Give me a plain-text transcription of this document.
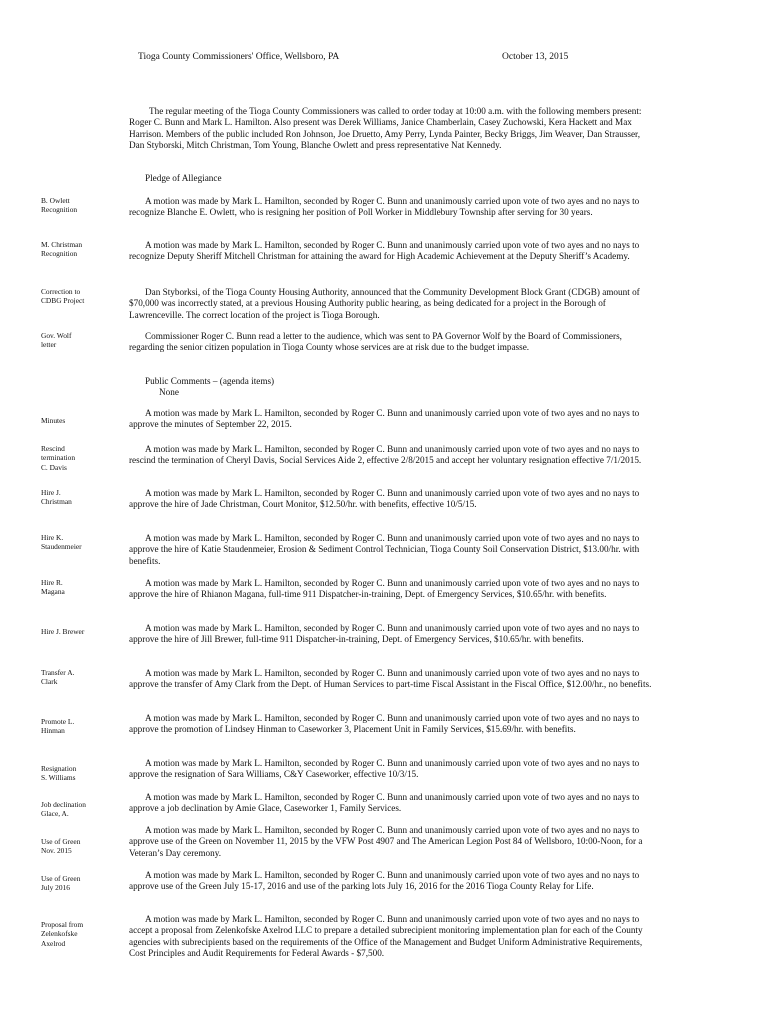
Tioga County Commissioners' Office, Wellsboro, PA	October 13, 2015
The regular meeting of the Tioga County Commissioners was called to order today at 10:00 a.m. with the following members present: Roger C. Bunn and Mark L. Hamilton. Also present was Derek Williams, Janice Chamberlain, Casey Zuchowski, Kera Hackett and Max Harrison. Members of the public included Ron Johnson, Joe Druetto, Amy Perry, Lynda Painter, Becky Briggs, Jim Weaver, Dan Strausser, Dan Styborski, Mitch Christman, Tom Young, Blanche Owlett and press representative Nat Kennedy.
Pledge of Allegiance
Public Comments – (agenda items)
None
B. Owlett
Recognition
A motion was made by Mark L. Hamilton, seconded by Roger C. Bunn and unanimously carried upon vote of two ayes and no nays to recognize Blanche E. Owlett, who is resigning her position of Poll Worker in Middlebury Township after serving for 30 years.
M. Christman
Recognition
A motion was made by Mark L. Hamilton, seconded by Roger C. Bunn and unanimously carried upon vote of two ayes and no nays to recognize Deputy Sheriff Mitchell Christman for attaining the award for High Academic Achievement at the Deputy Sheriff’s Academy.
Correction to
CDBG Project
Dan Styborksi, of the Tioga County Housing Authority, announced that the Community Development Block Grant (CDGB) amount of $70,000 was incorrectly stated, at a previous Housing Authority public hearing, as being dedicated for a project in the Borough of Lawrenceville. The correct location of the project is Tioga Borough.
Gov. Wolf
letter
Commissioner Roger C. Bunn read a letter to the audience, which was sent to PA Governor Wolf by the Board of Commissioners, regarding the senior citizen population in Tioga County whose services are at risk due to the budget impasse.
Minutes
A motion was made by Mark L. Hamilton, seconded by Roger C. Bunn and unanimously carried upon vote of two ayes and no nays to approve the minutes of September 22, 2015.
Rescind
termination
C. Davis
A motion was made by Mark L. Hamilton, seconded by Roger C. Bunn and unanimously carried upon vote of two ayes and no nays to rescind the termination of Cheryl Davis, Social Services Aide 2, effective 2/8/2015 and accept her voluntary resignation effective 7/1/2015.
Hire J.
Christman
A motion was made by Mark L. Hamilton, seconded by Roger C. Bunn and unanimously carried upon vote of two ayes and no nays to approve the hire of Jade Christman, Court Monitor, $12.50/hr. with benefits, effective 10/5/15.
Hire K.
Staudenmeier
A motion was made by Mark L. Hamilton, seconded by Roger C. Bunn and unanimously carried upon vote of two ayes and no nays to approve the hire of Katie Staudenmeier, Erosion & Sediment Control Technician, Tioga County Soil Conservation District, $13.00/hr. with benefits.
Hire R.
Magana
A motion was made by Mark L. Hamilton, seconded by Roger C. Bunn and unanimously carried upon vote of two ayes and no nays to approve the hire of Rhianon Magana, full-time 911 Dispatcher-in-training, Dept. of Emergency Services, $10.65/hr. with benefits.
Hire J. Brewer	A motion was made by Mark L. Hamilton, seconded by Roger C. Bunn and unanimously carried upon vote of two ayes and no nays to approve the hire of Jill Brewer, full-time 911 Dispatcher-in-training, Dept. of Emergency Services, $10.65/hr. with benefits.
Transfer A.
Clark
A motion was made by Mark L. Hamilton, seconded by Roger C. Bunn and unanimously carried upon vote of two ayes and no nays to approve the transfer of Amy Clark from the Dept. of Human Services to part-time Fiscal Assistant in the Fiscal Office, $12.00/hr., no benefits.
Promote L.
Hinman
A motion was made by Mark L. Hamilton, seconded by Roger C. Bunn and unanimously carried upon vote of two ayes and no nays to approve the promotion of Lindsey Hinman to Caseworker 3, Placement Unit in Family Services, $15.69/hr. with benefits.
Resignation
S. Williams
A motion was made by Mark L. Hamilton, seconded by Roger C. Bunn and unanimously carried upon vote of two ayes and no nays to approve the resignation of Sara Williams, C&Y Caseworker, effective 10/3/15.
Job declination
Glace, A.
A motion was made by Mark L. Hamilton, seconded by Roger C. Bunn and unanimously carried upon vote of two ayes and no nays to approve a job declination by Amie Glace, Caseworker 1, Family Services.
Use of Green
Nov. 2015
A motion was made by Mark L. Hamilton, seconded by Roger C. Bunn and unanimously carried upon vote of two ayes and no nays to approve use of the Green on November 11, 2015 by the VFW Post 4907 and The American Legion Post 84 of Wellsboro, 10:00-Noon, for a Veteran’s Day ceremony.
Use of Green
July 2016
A motion was made by Mark L. Hamilton, seconded by Roger C. Bunn and unanimously carried upon vote of two ayes and no nays to approve use of the Green July 15-17, 2016 and use of the parking lots July 16, 2016 for the 2016 Tioga County Relay for Life.
Proposal from
Zelenkofske
Axelrod
A motion was made by Mark L. Hamilton, seconded by Roger C. Bunn and unanimously carried upon vote of two ayes and no nays to accept a proposal from Zelenkofske Axelrod LLC to prepare a detailed subrecipient monitoring implementation plan for each of the County agencies with subrecipients based on the requirements of the Office of the Management and Budget Uniform Administrative Requirements, Cost Principles and Audit Requirements for Federal Awards - $7,500.
